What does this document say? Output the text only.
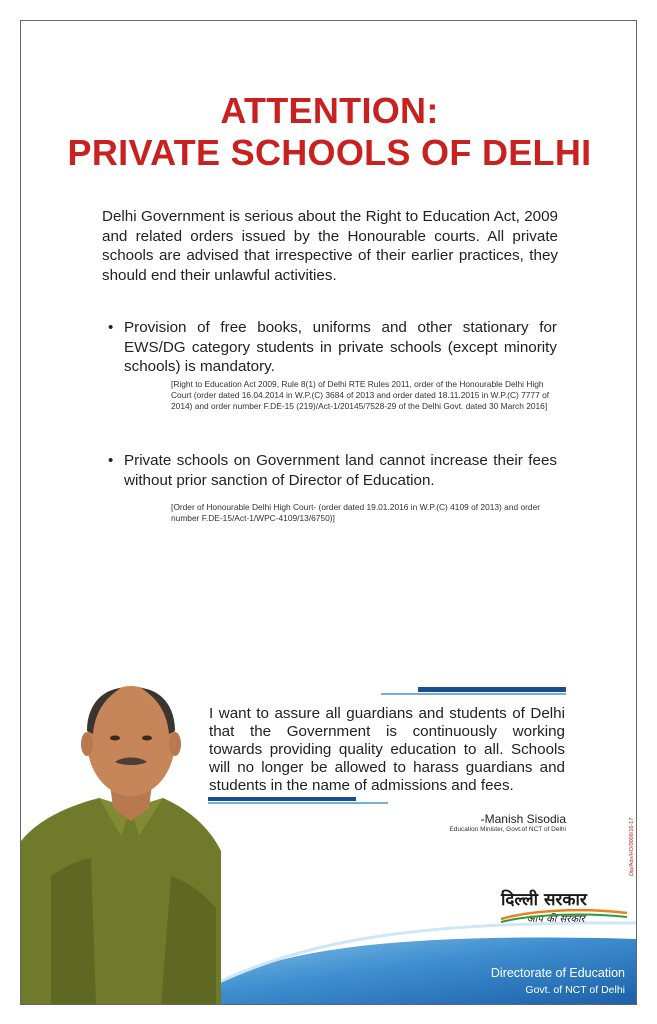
ATTENTION:
PRIVATE SCHOOLS OF DELHI
Delhi Government is serious about the Right to Education Act, 2009 and related orders issued by the Honourable courts. All private schools are advised that irrespective of their earlier practices, they should end their unlawful activities.
• Provision of free books, uniforms and other stationary for EWS/DG category students in private schools (except minority schools) is mandatory.
[Right to Education Act 2009, Rule 8(1) of Delhi RTE Rules 2011, order of the Honourable Delhi High Court (order dated 16.04.2014 in W.P.(C) 3684 of 2013 and order dated 18.11.2015 in W.P.(C) 7777 of 2014) and order number F.DE-15 (219)/Act-1/20145/7528-29 of the Delhi Govt. dated 30 March 2016]
• Private schools on Government land cannot increase their fees without prior sanction of Director of Education.
[Order of Honourable Delhi High Court- (order dated 19.01.2016 in W.P.(C) 4109 of 2013) and order number F.DE-15/Act-1/WPC-4109/13/6750)]
I want to assure all guardians and students of Delhi that the Government is continuously working towards providing quality education to all. Schools will no longer be allowed to harass guardians and students in the name of admissions and fees.
-Manish Sisodia
Education Minister, Govt.of NCT of Delhi	Dip/Adv/HO/0008/16-17
दिल्ली सरकार
आप की सरकार
Directorate of Education
Govt. of NCT of Delhi
